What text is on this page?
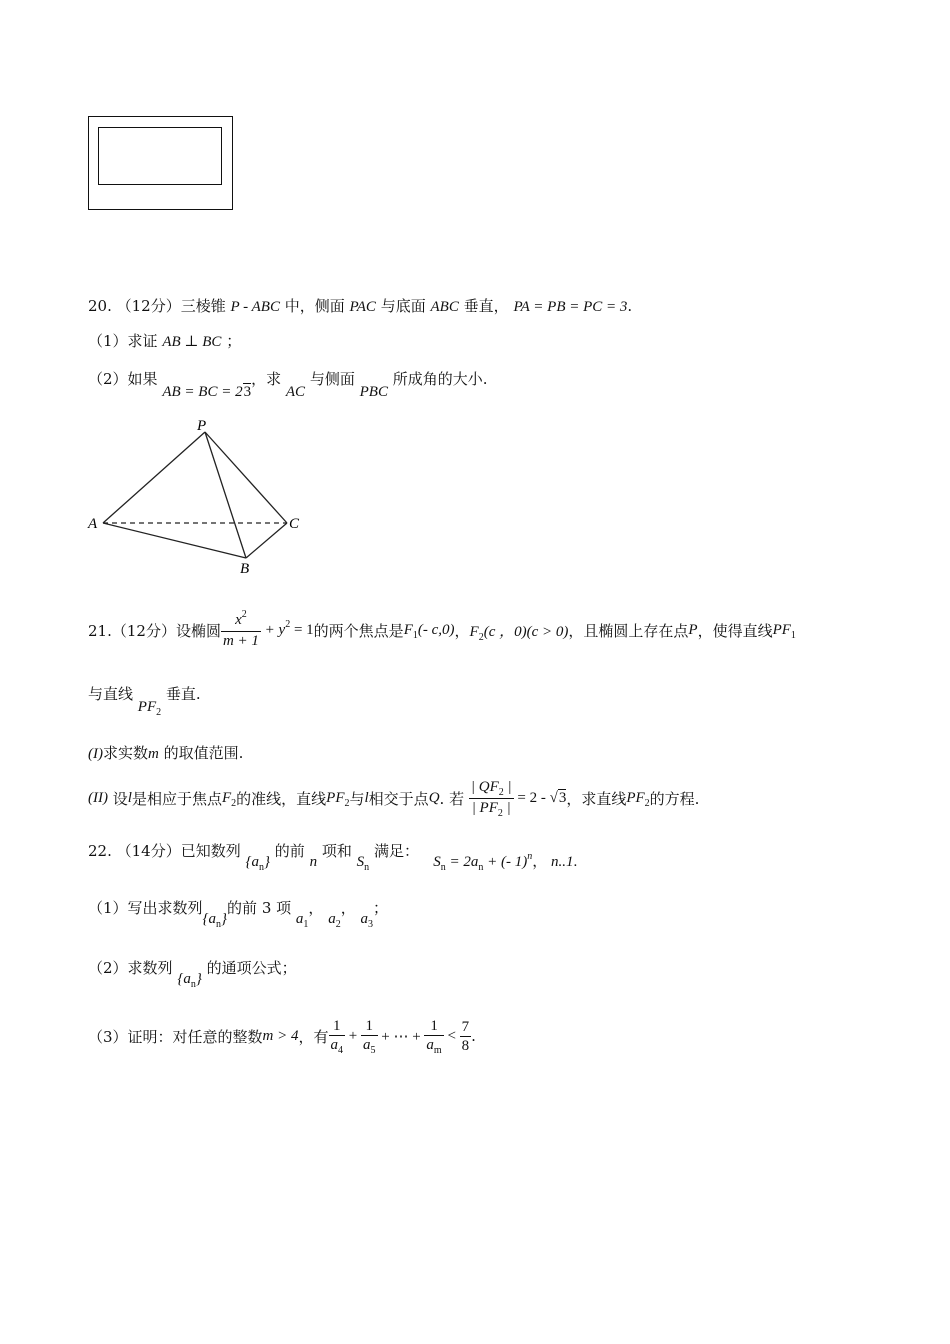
20. （12分）三棱锥 P - ABC 中，侧面 PAC 与底面 ABC 垂直， PA = PB = PC = 3.
（1）求证 AB ⊥ BC ；
（2）如果 AB = BC = 23，求 AC 与侧面 PBC 所成角的大小.
P
A
B
C
21.（12分）设椭圆 $\frac{x^2}{m + 1} + y^2 = 1$ 的两个焦点是 $F_1(-$ c,0) ， $F_2(c$ ，0)(c > 0) ，且椭圆上存在点 P ，使得直线 $PF_1$
与直线 $PF_2$ 垂直.
(I)求实数m 的取值范围.
(II)
设 l 是相应于焦点 $F_2$ 的准线，直线 $PF_2$ 与 l 相交于点 Q . 若
$\frac{| QF_2 |}{| PF_2 |} = 2 - √3$ ，求直线 $PF_2$ 的方程.
22. （14分）已知数列 $\{a_n\}$ 的前 n 项和 $S_n$ 满足：   $S_n = 2a_n$ + (- 1)$^n$， n..1.
（1）写出求数列$\{a_n\}$的前 3 项 $a_1$， $a_2$， $a_3$；
（2）求数列 $\{a_n\}$ 的通项公式；
（3）证明：对任意的整数 m > 4 ，有 $\frac{1}{a_4} + \frac{1}{a_5}$ + ⋯ + $\frac{1}{a_m} < \frac{7}{8}$ .
